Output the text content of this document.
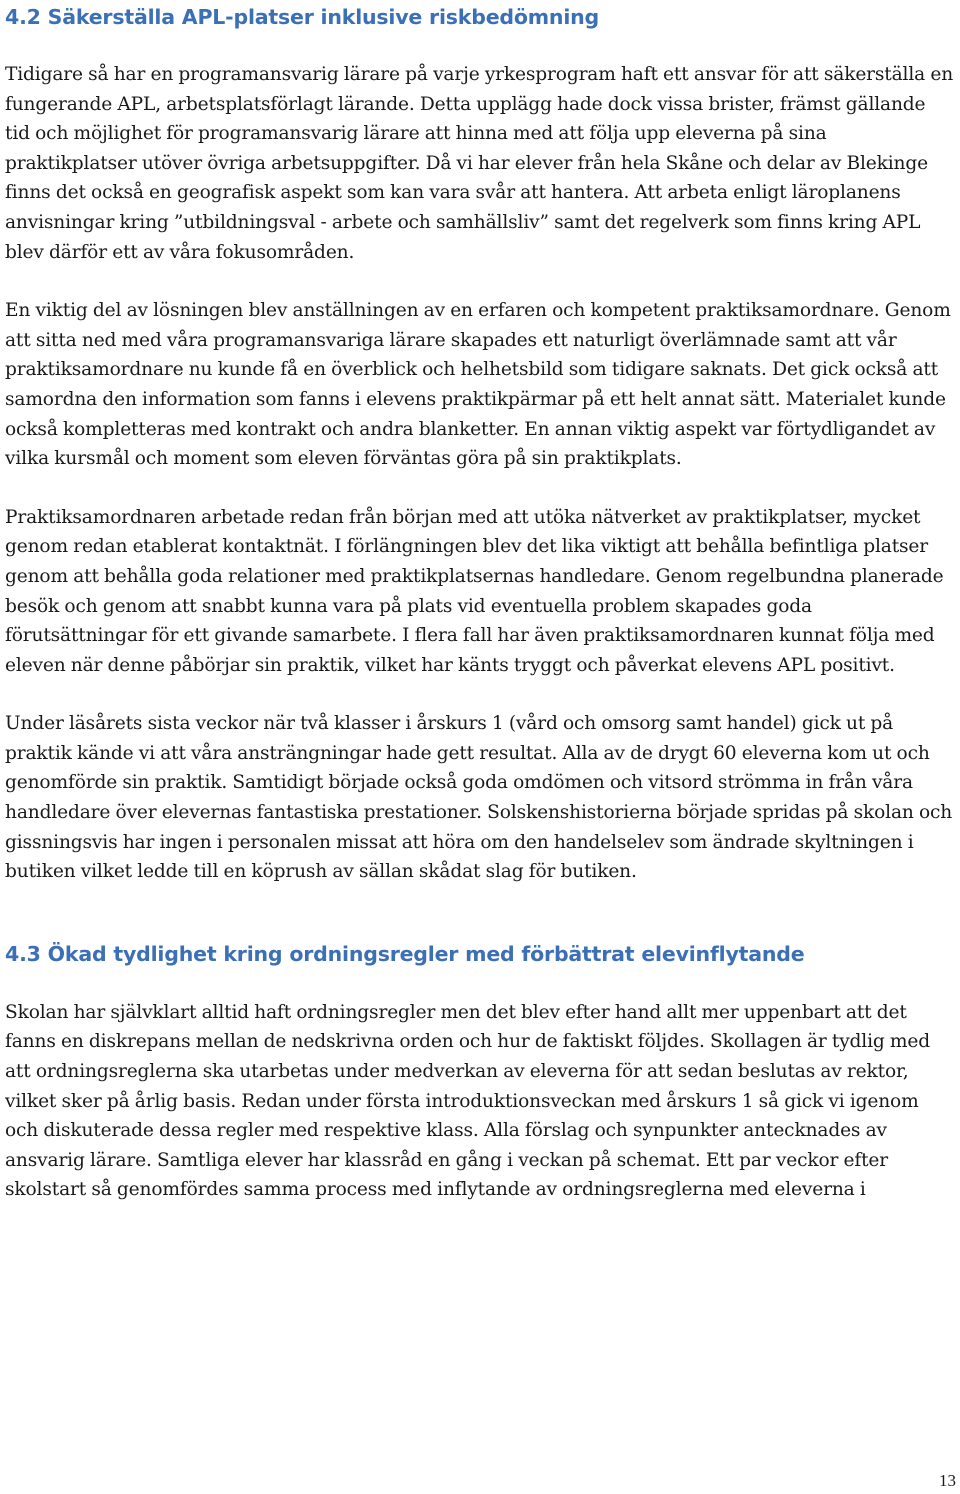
4.2 Säkerställa APL-platser inklusive riskbedömning

Tidigare så har en programansvarig lärare på varje yrkesprogram haft ett ansvar för att säkerställa en fungerande APL, arbetsplatsförlagt lärande. Detta upplägg hade dock vissa brister, främst gällande tid och möjlighet för programansvarig lärare att hinna med att följa upp eleverna på sina praktikplatser utöver övriga arbetsuppgifter. Då vi har elever från hela Skåne och delar av Blekinge finns det också en geografisk aspekt som kan vara svår att hantera. Att arbeta enligt läroplanens anvisningar kring ”utbildningsval - arbete och samhällsliv” samt det regelverk som finns kring APL blev därför ett av våra fokusområden.

En viktig del av lösningen blev anställningen av en erfaren och kompetent praktiksamordnare. Genom att sitta ned med våra programansvariga lärare skapades ett naturligt överlämnade samt att vår praktiksamordnare nu kunde få en överblick och helhetsbild som tidigare saknats. Det gick också att samordna den information som fanns i elevens praktikpärmar på ett helt annat sätt. Materialet kunde också kompletteras med kontrakt och andra blanketter. En annan viktig aspekt var förtydligandet av vilka kursmål och moment som eleven förväntas göra på sin praktikplats.

Praktiksamordnaren arbetade redan från början med att utöka nätverket av praktikplatser, mycket genom redan etablerat kontaktnät. I förlängningen blev det lika viktigt att behålla befintliga platser genom att behålla goda relationer med praktikplatsernas handledare. Genom regelbundna planerade besök och genom att snabbt kunna vara på plats vid eventuella problem skapades goda förutsättningar för ett givande samarbete. I flera fall har även praktiksamordnaren kunnat följa med eleven när denne påbörjar sin praktik, vilket har känts tryggt och påverkat elevens APL positivt.

Under läsårets sista veckor när två klasser i årskurs 1 (vård och omsorg samt handel) gick ut på praktik kände vi att våra ansträngningar hade gett resultat. Alla av de drygt 60 eleverna kom ut och genomförde sin praktik. Samtidigt började också goda omdömen och vitsord strömma in från våra handledare över elevernas fantastiska prestationer. Solskenshistorierna började spridas på skolan och gissningsvis har ingen i personalen missat att höra om den handelselev som ändrade skyltningen i butiken vilket ledde till en köprush av sällan skådat slag för butiken.

4.3 Ökad tydlighet kring ordningsregler med förbättrat elevinflytande

Skolan har självklart alltid haft ordningsregler men det blev efter hand allt mer uppenbart att det fanns en diskrepans mellan de nedskrivna orden och hur de faktiskt följdes. Skollagen är tydlig med att ordningsreglerna ska utarbetas under medverkan av eleverna för att sedan beslutas av rektor, vilket sker på årlig basis. Redan under första introduktionsveckan med årskurs 1 så gick vi igenom och diskuterade dessa regler med respektive klass. Alla förslag och synpunkter antecknades av ansvarig lärare. Samtliga elever har klassråd en gång i veckan på schemat. Ett par veckor efter skolstart så genomfördes samma process med inflytande av ordningsreglerna med eleverna i

13
